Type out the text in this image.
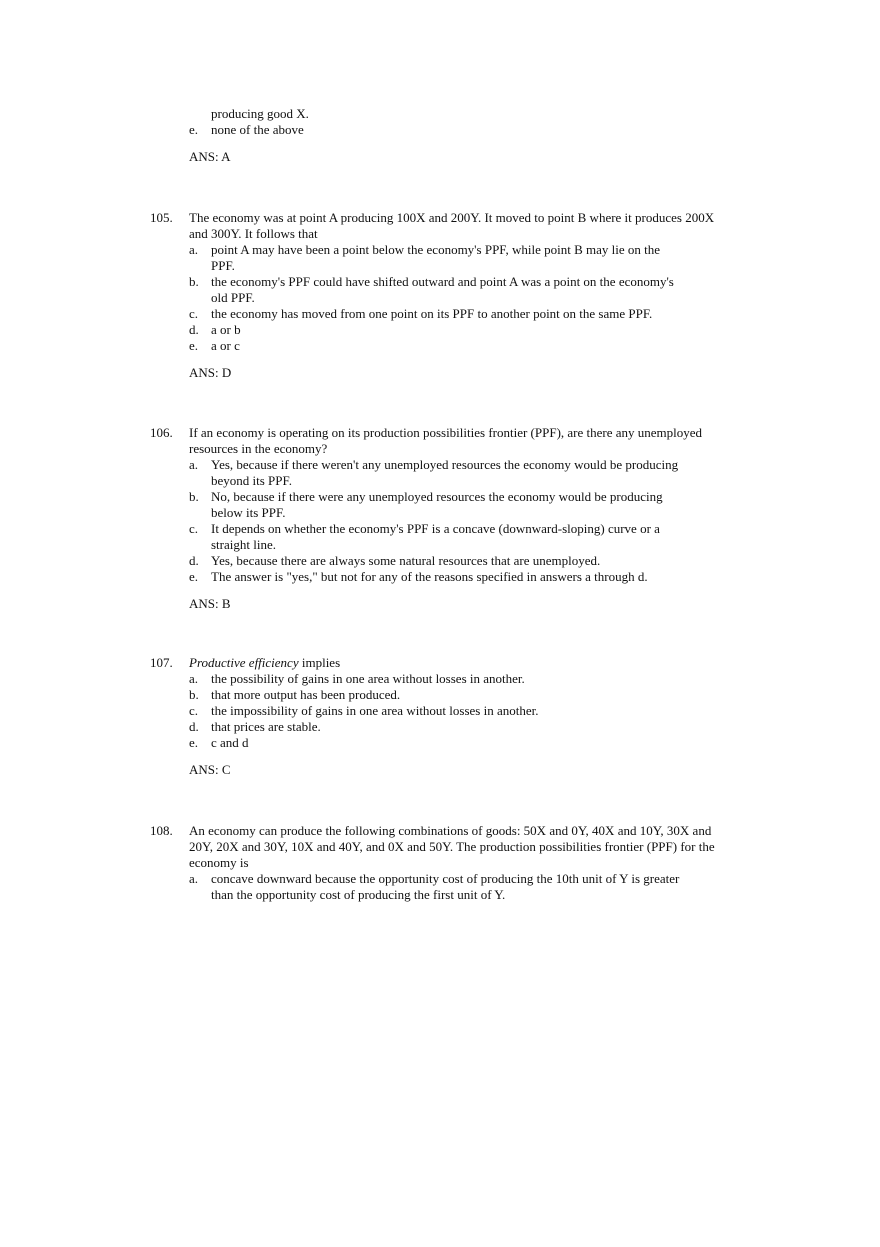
producing good X.
e. none of the above
ANS: A
105.	The economy was at point A producing 100X and 200Y. It moved to point B where it produces 200X
and 300Y. It follows that
a. point A may have been a point below the economy's PPF, while point B may lie on the
PPF.
b. the economy's PPF could have shifted outward and point A was a point on the economy's
old PPF.
c. the economy has moved from one point on its PPF to another point on the same PPF.
d. a or b
e. a or c
ANS: D
106.	If an economy is operating on its production possibilities frontier (PPF), are there any unemployed
resources in the economy?
a. Yes, because if there weren't any unemployed resources the economy would be producing
beyond its PPF.
b. No, because if there were any unemployed resources the economy would be producing
below its PPF.
c. It depends on whether the economy's PPF is a concave (downward-sloping) curve or a
straight line.
d. Yes, because there are always some natural resources that are unemployed.
e. The answer is "yes," but not for any of the reasons specified in answers a through d.
ANS: B
107.	Productive efficiency implies
a. the possibility of gains in one area without losses in another.
b. that more output has been produced.
c. the impossibility of gains in one area without losses in another.
d. that prices are stable.
e. c and d
ANS: C
108.	An economy can produce the following combinations of goods: 50X and 0Y, 40X and 10Y, 30X and
20Y, 20X and 30Y, 10X and 40Y, and 0X and 50Y. The production possibilities frontier (PPF) for the
economy is
a. concave downward because the opportunity cost of producing the 10th unit of Y is greater
than the opportunity cost of producing the first unit of Y.
